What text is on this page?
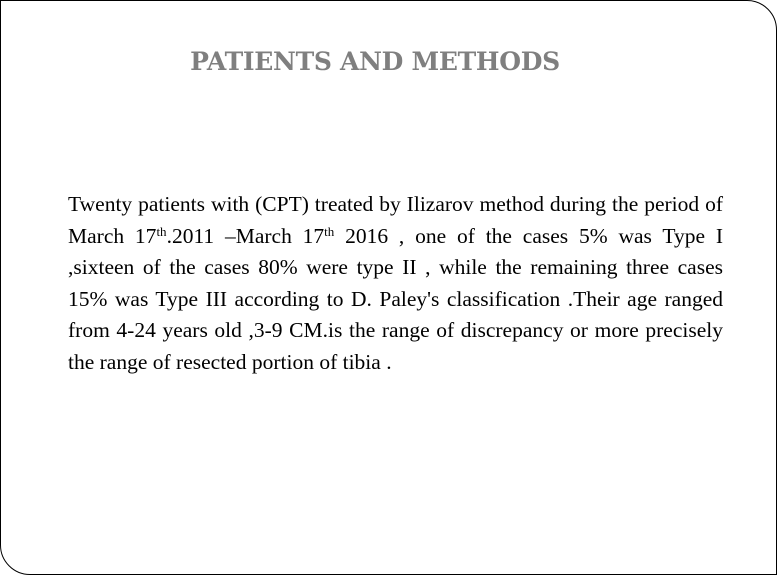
PATIENTS AND METHODS

Twenty patients with (CPT) treated by Ilizarov method during the period of March 17th.2011 –March 17th 2016 , one of the cases 5% was Type I ,sixteen of the cases 80% were type II , while the remaining three cases 15% was Type III according to D. Paley's classification .Their age ranged from 4-24 years old ,3-9 CM.is the range of discrepancy or more precisely the range of resected portion of tibia .
